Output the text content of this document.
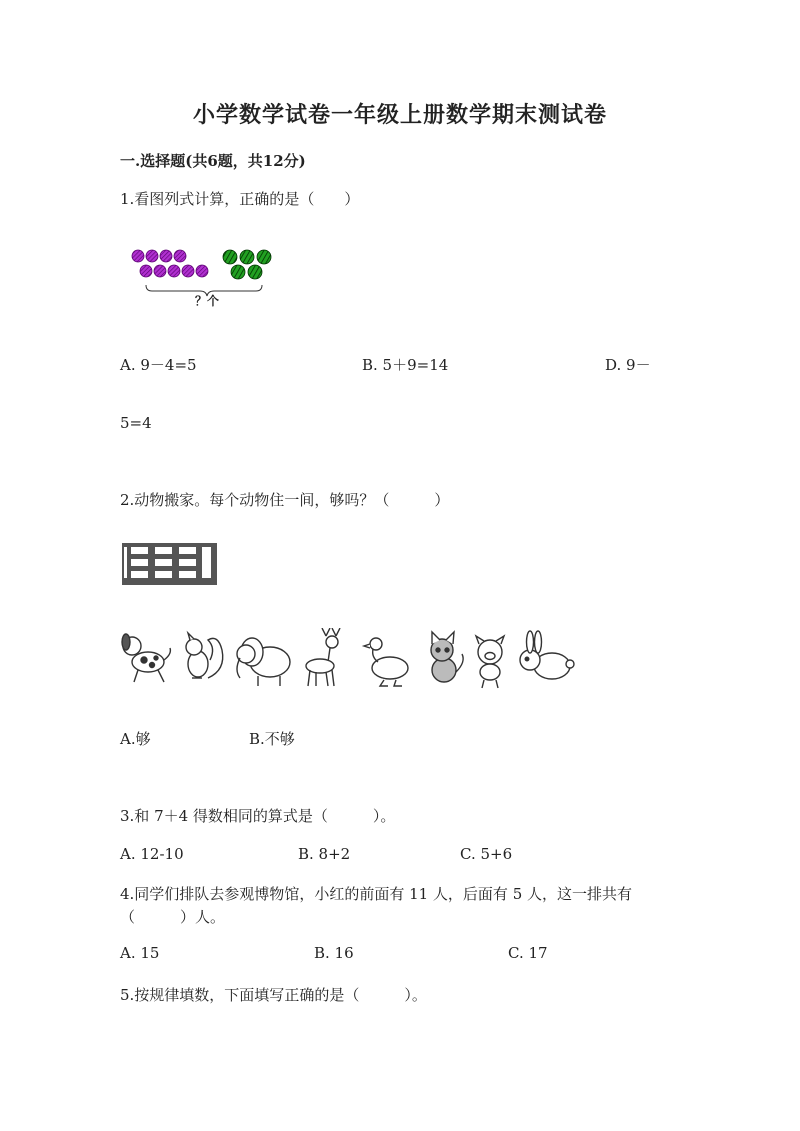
小学数学试卷一年级上册数学期末测试卷
一.选择题(共6题，共12分)
1.看图列式计算，正确的是（　　）
？个
A. 9－4=5	B. 5＋9=14	D. 9－
5=4
2.动物搬家。每个动物住一间，够吗？（　　　）
A.够	B.不够
3.和 7＋4 得数相同的算式是（　　　）。
A. 12-10	B. 8+2	C. 5+6
4.同学们排队去参观博物馆，小红的前面有 11 人，后面有 5 人，这一排共有
（　　　）人。
A. 15	B. 16	C. 17
5.按规律填数，下面填写正确的是（　　　）。
